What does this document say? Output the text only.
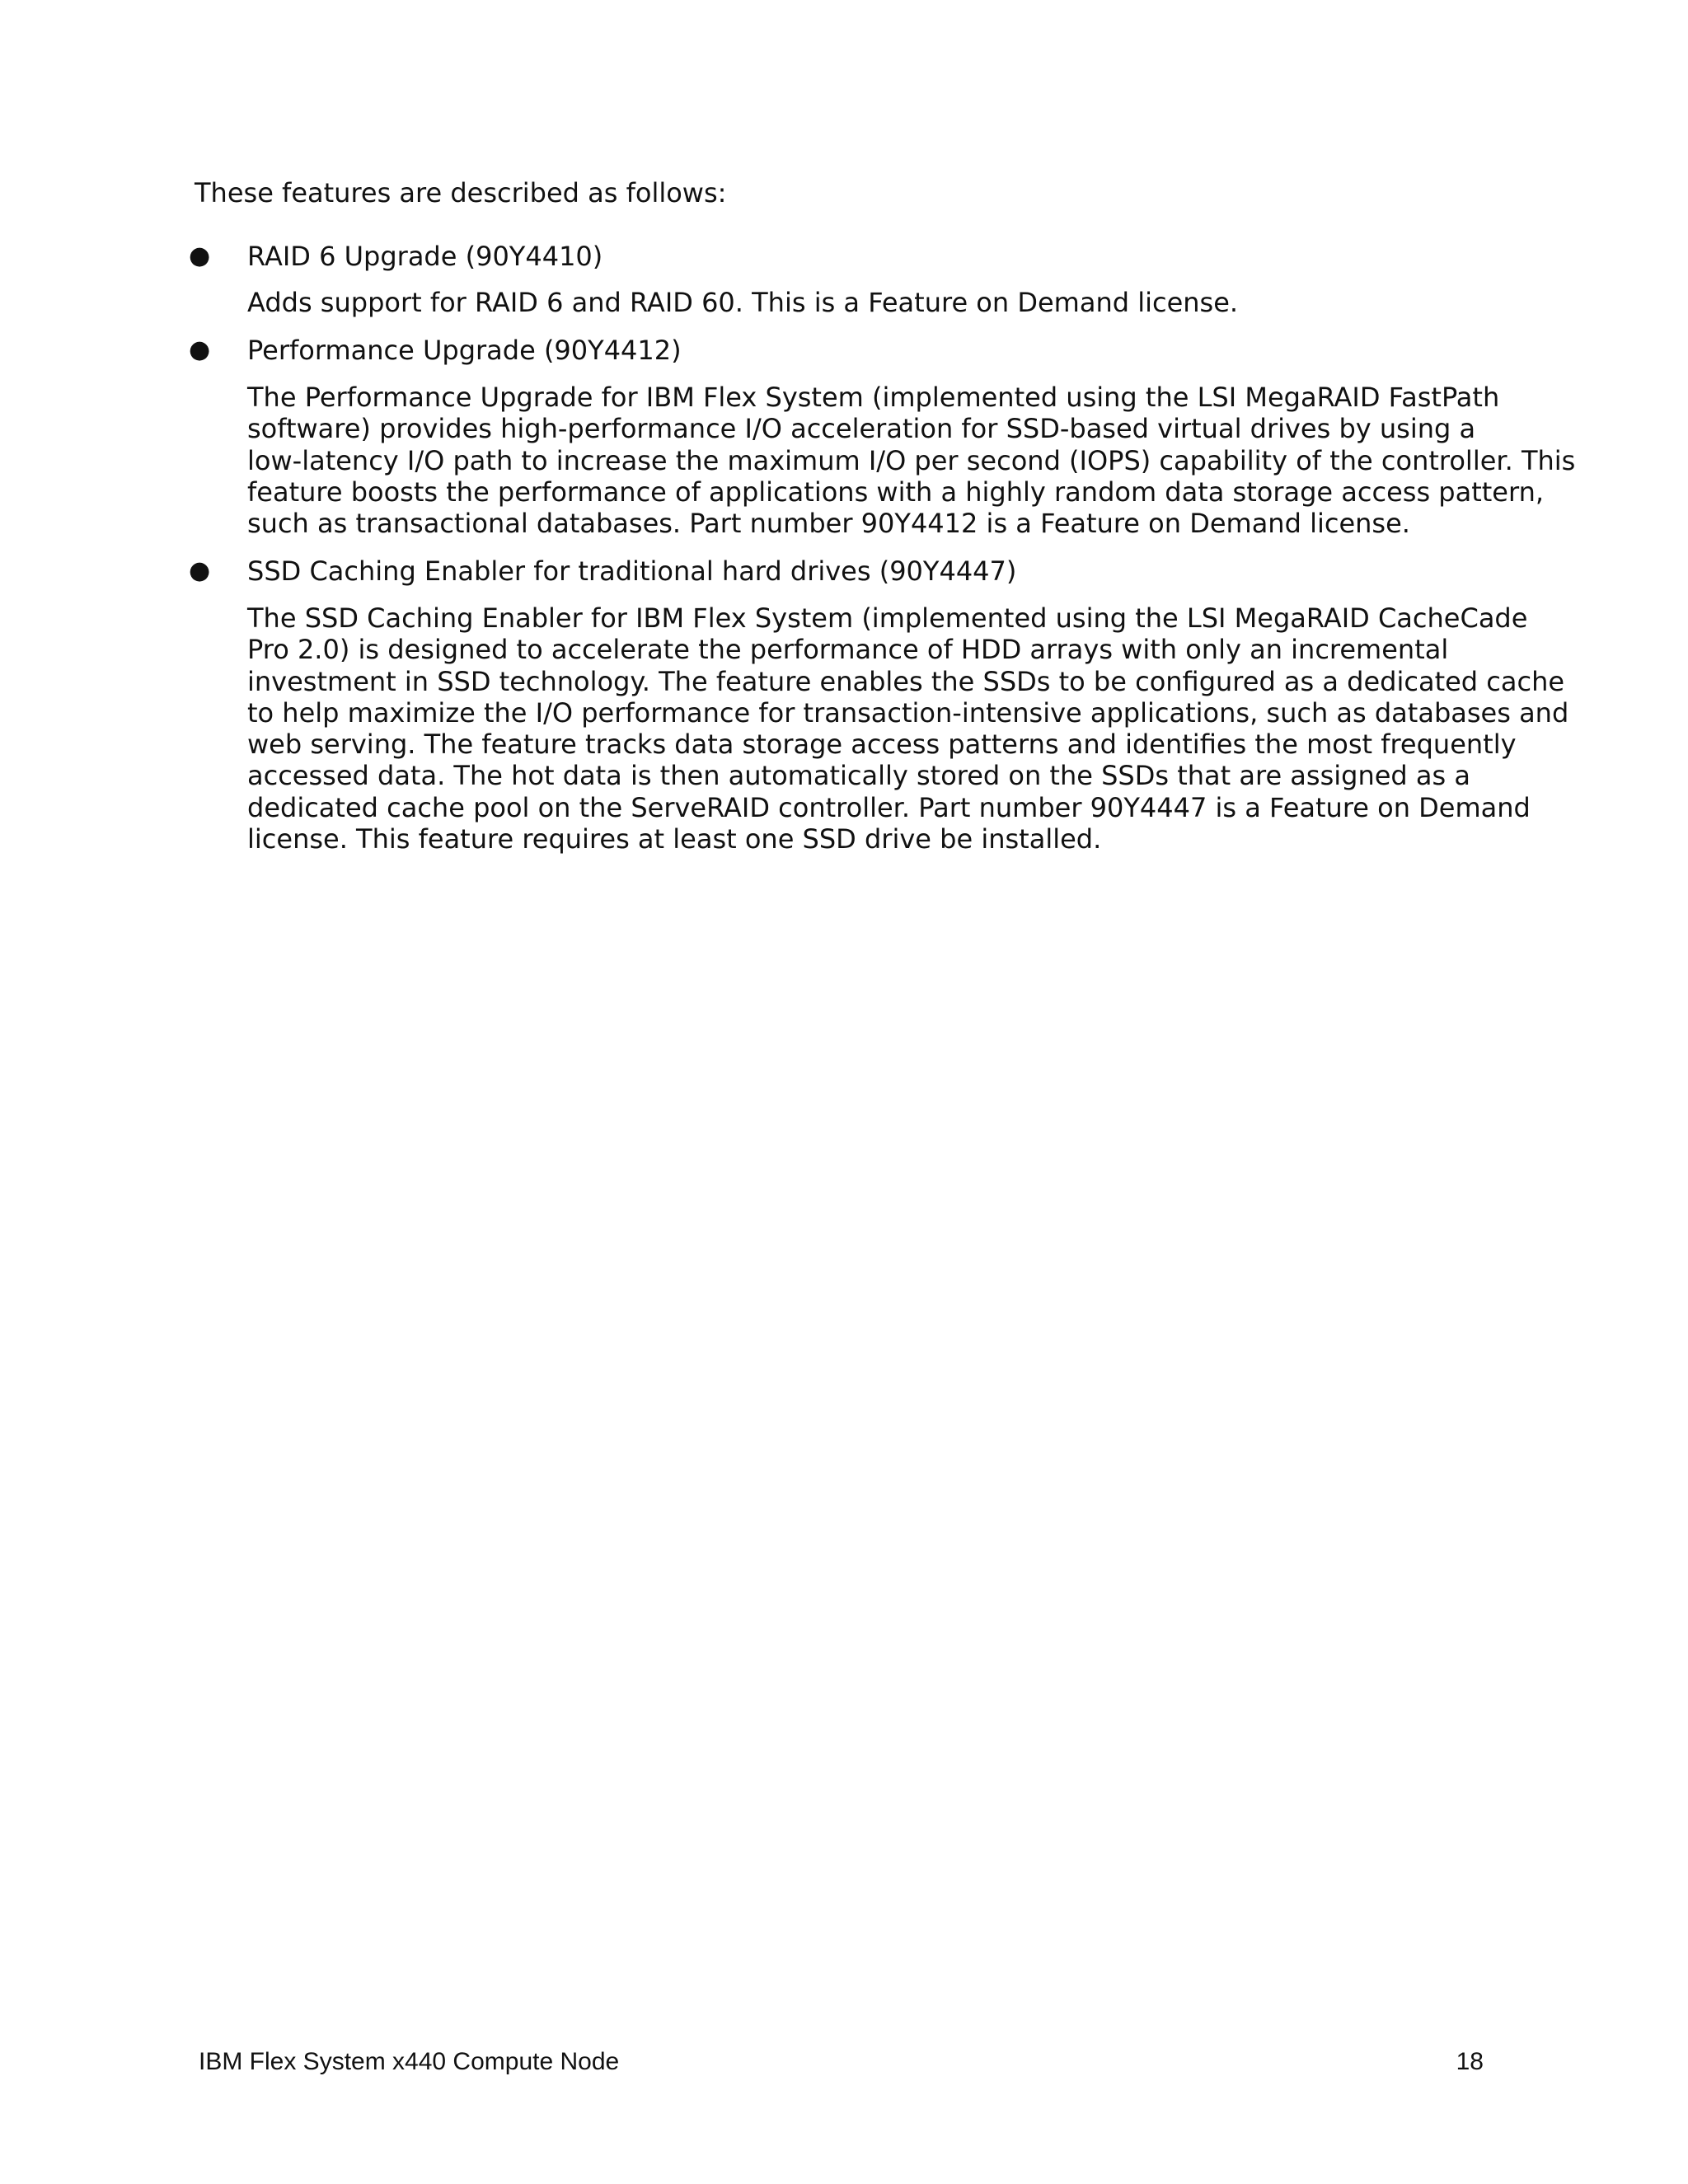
These features are described as follows:
● RAID 6 Upgrade (90Y4410)
Adds support for RAID 6 and RAID 60. This is a Feature on Demand license.
● Performance Upgrade (90Y4412)
The Performance Upgrade for IBM Flex System (implemented using the LSI MegaRAID FastPath
software) provides high-performance I/O acceleration for SSD-based virtual drives by using a
low-latency I/O path to increase the maximum I/O per second (IOPS) capability of the controller. This
feature boosts the performance of applications with a highly random data storage access pattern,
such as transactional databases. Part number 90Y4412 is a Feature on Demand license.
● SSD Caching Enabler for traditional hard drives (90Y4447)
The SSD Caching Enabler for IBM Flex System (implemented using the LSI MegaRAID CacheCade
Pro 2.0) is designed to accelerate the performance of HDD arrays with only an incremental
investment in SSD technology. The feature enables the SSDs to be configured as a dedicated cache
to help maximize the I/O performance for transaction-intensive applications, such as databases and
web serving. The feature tracks data storage access patterns and identifies the most frequently
accessed data. The hot data is then automatically stored on the SSDs that are assigned as a
dedicated cache pool on the ServeRAID controller. Part number 90Y4447 is a Feature on Demand
license. This feature requires at least one SSD drive be installed.
IBM Flex System x440 Compute Node	18
